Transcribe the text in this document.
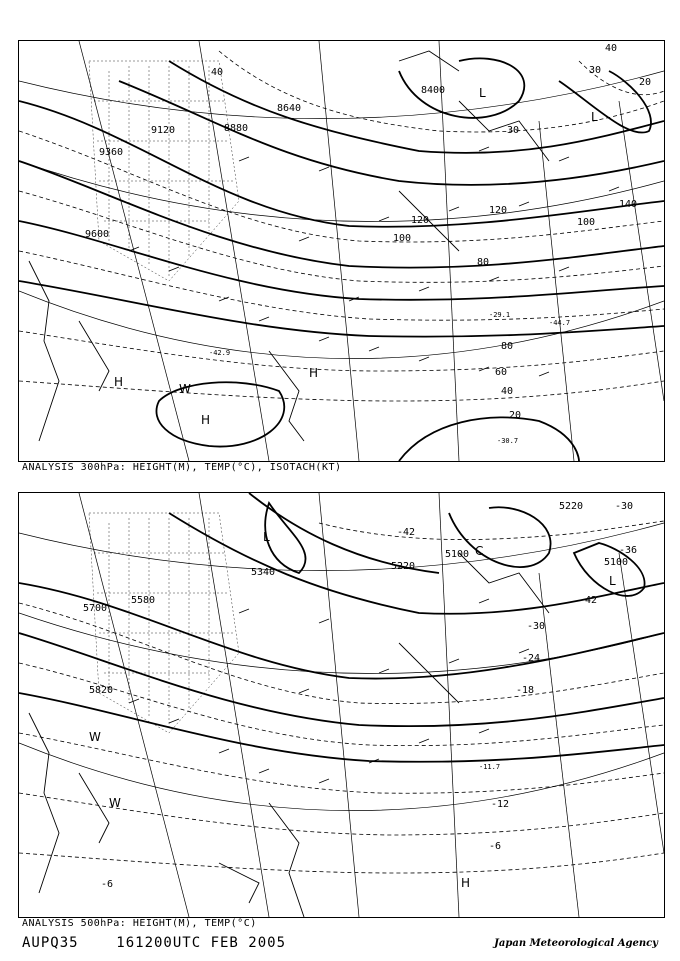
9120	8880
8640
8400
9360
9600
40
20
40
30
30
120
100
120
140
100
80
80
60
40
20
L
L
H
H
H	W
-30.7
-29.1
-44.7
-42.9
ANALYSIS 300hPa: HEIGHT(M), TEMP(°C), ISOTACH(KT)
5100
5220	5100
5340
5700
5580
5820
5220
-42
-30
-36
-42
-30
-24
-18
-12
-6
-6
-11.7
L
C
L
H
W
W
ANALYSIS 500hPa: HEIGHT(M), TEMP(°C)
AUPQ35    161200UTC FEB 2005	Japan Meteorological Agency
